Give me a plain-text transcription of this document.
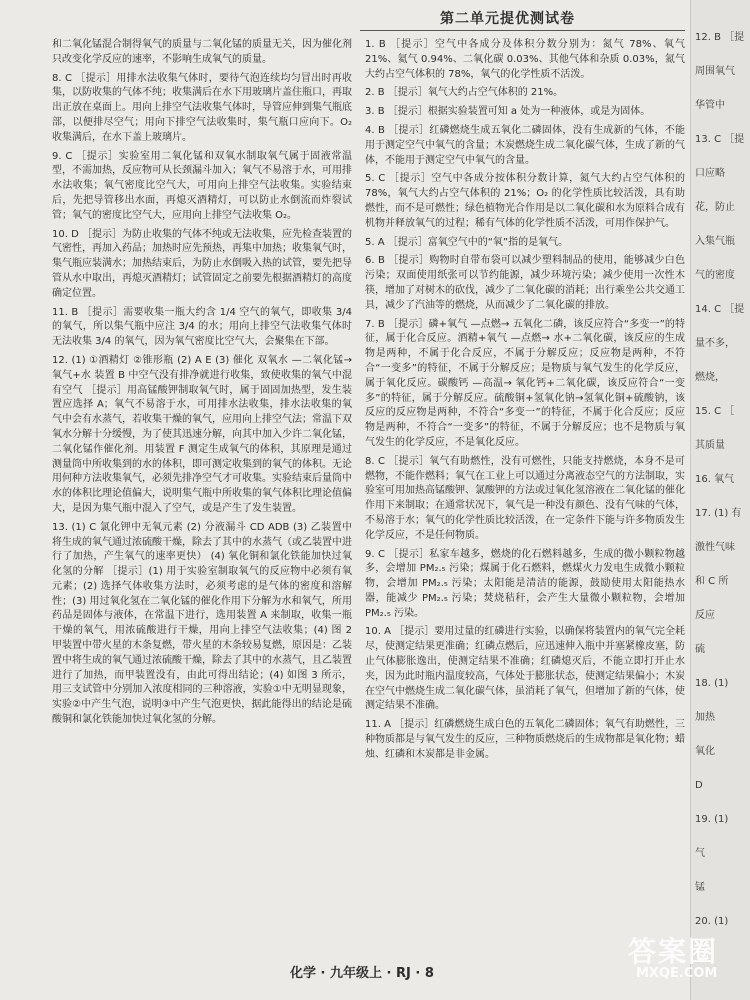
第二单元提优测试卷
和二氧化锰混合制得氧气的质量与二氧化锰的质量无关，因为催化剂只改变化学反应的速率，不影响生成氧气的质量。
8. C ［提示］用排水法收集气体时，要待气泡连续均匀冒出时再收集，以防收集的气体不纯；收集满后在水下用玻璃片盖住瓶口，再取出正放在桌面上。用向上排空气法收集气体时，导管应伸到集气瓶底部，以便排尽空气；用向下排空气法收集时，集气瓶口应向下。O₂ 收集满后，在水下盖上玻璃片。
9. C ［提示］实验室用二氧化锰和双氧水制取氧气属于固液常温型，不需加热，反应物可从长颈漏斗加入；氧气不易溶于水，可用排水法收集；氧气密度比空气大，可用向上排空气法收集。实验结束后，先把导管移出水面，再熄灭酒精灯，可以防止水倒流而炸裂试管；氧气的密度比空气大，应用向上排空气法收集 O₂。
10. D ［提示］为防止收集的气体不纯或无法收集，应先检查装置的气密性，再加入药品；加热时应先预热，再集中加热；收集氧气时，集气瓶应装满水；加热结束后，为防止水倒吸入热的试管，要先把导管从水中取出，再熄灭酒精灯；试管固定之前要先根据酒精灯的高度确定位置。
11. B ［提示］需要收集一瓶大约含 1/4 空气的氧气，即收集 3/4 的氧气，所以集气瓶中应注 3/4 的水；用向上排空气法收集气体时无法收集 3/4 的氧气，因为氧气密度比空气大，会聚集在下部。
12. (1) ①酒精灯 ②锥形瓶 (2) A E (3) 催化 双氧水 —二氧化锰→ 氧气+水 装置 B 中空气没有排净就进行收集，致使收集的氧气中混有空气 ［提示］用高锰酸钾制取氧气时，属于固固加热型，发生装置应选择 A；氧气不易溶于水，可用排水法收集，排水法收集的氧气中会有水蒸气，若收集干燥的氧气，应用向上排空气法；常温下双氧水分解十分缓慢，为了使其迅速分解，向其中加入少许二氧化锰，二氧化锰作催化剂。用装置 F 测定生成氧气的体积，其原理是通过测量筒中所收集到的水的体积，即可测定收集到的氧气的体积。无论用何种方法收集氧气，必须先排净空气才可收集。实验结束后量筒中水的体积比理论值偏大，说明集气瓶中所收集的氧气体积比理论值偏大，是因为集气瓶中混入了空气，或是产生了发生装置。
13. (1) C 氯化钾中无氧元素 (2) 分液漏斗 CD ADB (3) 乙装置中将生成的氧气通过浓硫酸干燥，除去了其中的水蒸气（或乙装置中进行了加热，产生氧气的速率更快） (4) 氧化铜和氯化铁能加快过氧化氢的分解 ［提示］(1) 用于实验室制取氧气的反应物中必须有氧元素；(2) 选择气体收集方法时，必须考虑的是气体的密度和溶解性；(3) 用过氧化氢在二氧化锰的催化作用下分解为水和氧气，所用药品是固体与液体，在常温下进行，选用装置 A 来制取，收集一瓶干燥的氧气，用浓硫酸进行干燥，用向上排空气法收集；(4) 图 2 甲装置中带火星的木条复燃，带火星的木条较易复燃，原因是：乙装置中将生成的氧气通过浓硫酸干燥，除去了其中的水蒸气，且乙装置进行了加热，而甲装置没有，由此可得出结论；(4) 如图 3 所示，用三支试管中分别加入浓度相同的三种溶液，实验①中无明显现象，实验②中产生气泡，说明③中产生气泡更快，据此能得出的结论是硫酸铜和氯化铁能加快过氧化氢的分解。
1. B ［提示］空气中各成分及体积分数分别为：氮气 78%、氧气 21%、氦气 0.94%、二氧化碳 0.03%、其他气体和杂质 0.03%，氮气大约占空气体积的 78%，氧气的化学性质不活泼。
2. B ［提示］氧气大约占空气体积的 21%。
3. B ［提示］根据实验装置可知 a 处为一种液体，或是为固体。
4. B ［提示］红磷燃烧生成五氧化二磷固体，没有生成新的气体，不能用于测定空气中氧气的含量；木炭燃烧生成二氧化碳气体，生成了新的气体，不能用于测定空气中氧气的含量。
5. C ［提示］空气中各成分按体积分数计算，氮气大约占空气体积的 78%，氧气大约占空气体积的 21%；O₂ 的化学性质比较活泼，具有助燃性，而不是可燃性；绿色植物光合作用是以二氧化碳和水为原料合成有机物并释放氧气的过程；稀有气体的化学性质不活泼，可用作保护气。
5. A ［提示］富氧空气中的“氧”指的是氧气。
6. B ［提示］购物时自带布袋可以减少塑料制品的使用，能够减少白色污染；双面使用纸张可以节约能源，减少环境污染；减少使用一次性木筷，增加了对树木的砍伐，减少了二氧化碳的消耗；出行乘坐公共交通工具，减少了汽油等的燃烧，从而减少了二氧化碳的排放。
7. B ［提示］磷+氧气 —点燃→ 五氧化二磷，该反应符合“多变一”的特征，属于化合反应。酒精+氧气 —点燃→ 水+二氧化碳，该反应的生成物是两种，不属于化合反应，不属于分解反应；反应物是两种，不符合“一变多”的特征，不属于分解反应；是物质与氧气发生的化学反应，属于氧化反应。碳酸钙 —高温→ 氧化钙+二氧化碳，该反应符合“一变多”的特征，属于分解反应。硫酸铜+氢氧化钠→氢氧化铜+硫酸钠，该反应的反应物是两种，不符合“多变一”的特征，不属于化合反应；反应物是两种，不符合“一变多”的特征，不属于分解反应；也不是物质与氧气发生的化学反应，不是氧化反应。
8. C ［提示］氧气有助燃性，没有可燃性，只能支持燃烧，本身不是可燃物，不能作燃料；氧气在工业上可以通过分离液态空气的方法制取，实验室可用加热高锰酸钾、氯酸钾的方法或过氧化氢溶液在二氧化锰的催化作用下来制取；在通常状况下，氧气是一种没有颜色、没有气味的气体，不易溶于水；氧气的化学性质比较活泼，在一定条件下能与许多物质发生化学反应，不是任何物质。
9. C ［提示］私家车越多，燃烧的化石燃料越多，生成的微小颗粒物越多，会增加 PM₂.₅ 污染；煤属于化石燃料，燃煤火力发电生成微小颗粒物，会增加 PM₂.₅ 污染；太阳能是清洁的能源，鼓励使用太阳能热水器，能减少 PM₂.₅ 污染；焚烧秸秆，会产生大量微小颗粒物，会增加 PM₂.₅ 污染。
10. A ［提示］要用过量的红磷进行实验，以确保将装置内的氧气完全耗尽，使测定结果更准确；红磷点燃后，应迅速伸入瓶中并塞紧橡皮塞，防止气体膨胀逸出，使测定结果不准确；红磷熄灭后，不能立即打开止水夹，因为此时瓶内温度较高，气体处于膨胀状态，使测定结果偏小；木炭在空气中燃烧生成二氧化碳气体，虽消耗了氧气，但增加了新的气体，使测定结果不准确。
11. A ［提示］红磷燃烧生成白色的五氧化二磷固体；氧气有助燃性，三种物质都是与氧气发生的反应，三种物质燃烧后的生成物都是氧化物；蜡烛、红磷和木炭都是非金属。
化学 · 九年级上 · RJ · 8
12. B ［提
周围氧气
华管中
13. C ［提
口应略
花，防止
入集气瓶
气的密度
14. C ［提
量不多，
燃烧，
15. C ［
其质量
16. 氧气
17. (1) 有
激性气味
和 C 所
反应
硫
18. (1)
加热
氧化
D
19. (1)
气
锰
20. (1)
答案圈
MXQE.COM
